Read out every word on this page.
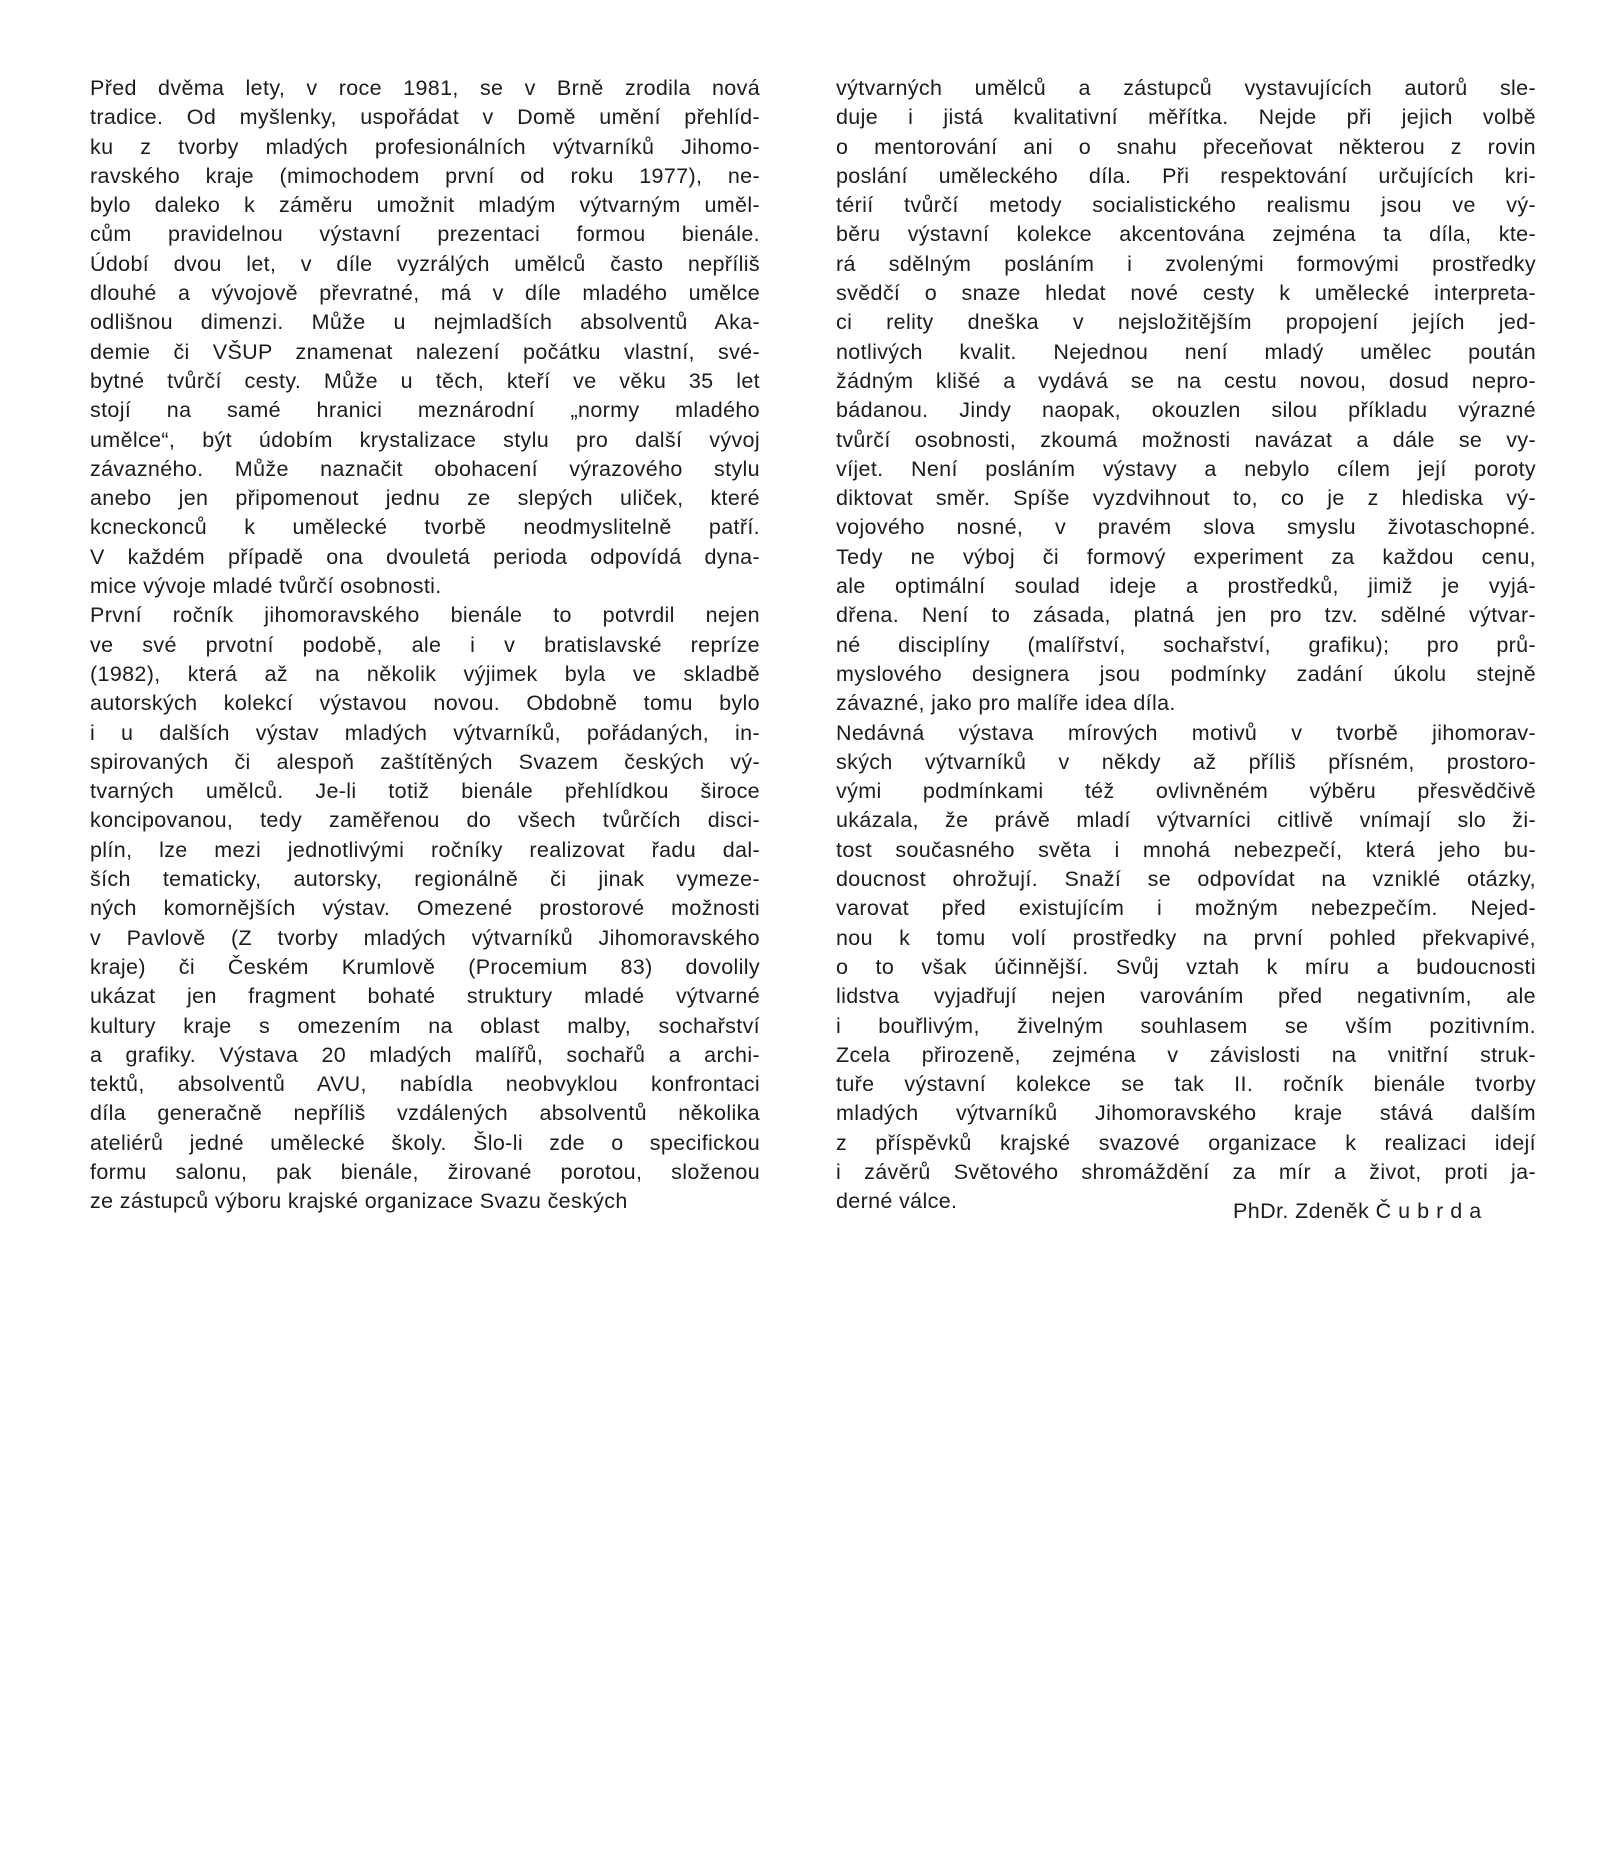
Před dvěma lety, v roce 1981, se v Brně zrodila nová
tradice. Od myšlenky, uspořádat v Domě umění přehlíd-
ku z tvorby mladých profesionálních výtvarníků Jihomo-
ravského kraje (mimochodem první od roku 1977), ne-
bylo daleko k záměru umožnit mladým výtvarným uměl-
cům pravidelnou výstavní prezentaci formou bienále.
Údobí dvou let, v díle vyzrálých umělců často nepříliš
dlouhé a vývojově převratné, má v díle mladého umělce
odlišnou dimenzi. Může u nejmladších absolventů Aka-
demie či VŠUP znamenat nalezení počátku vlastní, své-
bytné tvůrčí cesty. Může u těch, kteří ve věku 35 let
stojí na samé hranici meznárodní „normy mladého
umělce“, být údobím krystalizace stylu pro další vývoj
závazného. Může naznačit obohacení výrazového stylu
anebo jen připomenout jednu ze slepých uliček, které
kcneckonců k umělecké tvorbě neodmyslitelně patří.
V každém případě ona dvouletá perioda odpovídá dyna-
mice vývoje mladé tvůrčí osobnosti.
První ročník jihomoravského bienále to potvrdil nejen
ve své prvotní podobě, ale i v bratislavské repríze
(1982), která až na několik výjimek byla ve skladbě
autorských kolekcí výstavou novou. Obdobně tomu bylo
i u dalších výstav mladých výtvarníků, pořádaných, in-
spirovaných či alespoň zaštítěných Svazem českých vý-
tvarných umělců. Je-li totiž bienále přehlídkou široce
koncipovanou, tedy zaměřenou do všech tvůrčích disci-
plín, lze mezi jednotlivými ročníky realizovat řadu dal-
ších tematicky, autorsky, regionálně či jinak vymeze-
ných komornějších výstav. Omezené prostorové možnosti
v Pavlově (Z tvorby mladých výtvarníků Jihomoravského
kraje) či Českém Krumlově (Procemium 83) dovolily
ukázat jen fragment bohaté struktury mladé výtvarné
kultury kraje s omezením na oblast malby, sochařství
a grafiky. Výstava 20 mladých malířů, sochařů a archi-
tektů, absolventů AVU, nabídla neobvyklou konfrontaci
díla generačně nepříliš vzdálených absolventů několika
ateliérů jedné umělecké školy. Šlo-li zde o specifickou
formu salonu, pak bienále, žirované porotou, složenou
ze zástupců výboru krajské organizace Svazu českých
výtvarných umělců a zástupců vystavujících autorů sle-
duje i jistá kvalitativní měřítka. Nejde při jejich volbě
o mentorování ani o snahu přeceňovat některou z rovin
poslání uměleckého díla. Při respektování určujících kri-
térií tvůrčí metody socialistického realismu jsou ve vý-
běru výstavní kolekce akcentována zejména ta díla, kte-
rá sdělným posláním i zvolenými formovými prostředky
svědčí o snaze hledat nové cesty k umělecké interpreta-
ci relity dneška v nejsložitějším propojení jejích jed-
notlivých kvalit. Nejednou není mladý umělec poután
žádným klišé a vydává se na cestu novou, dosud nepro-
bádanou. Jindy naopak, okouzlen silou příkladu výrazné
tvůrčí osobnosti, zkoumá možnosti navázat a dále se vy-
víjet. Není posláním výstavy a nebylo cílem její poroty
diktovat směr. Spíše vyzdvihnout to, co je z hlediska vý-
vojového nosné, v pravém slova smyslu životaschopné.
Tedy ne výboj či formový experiment za každou cenu,
ale optimální soulad ideje a prostředků, jimiž je vyjá-
dřena. Není to zásada, platná jen pro tzv. sdělné výtvar-
né disciplíny (malířství, sochařství, grafiku); pro prů-
myslového designera jsou podmínky zadání úkolu stejně
závazné, jako pro malíře idea díla.
Nedávná výstava mírových motivů v tvorbě jihomorav-
ských výtvarníků v někdy až příliš přísném, prostoro-
vými podmínkami též ovlivněném výběru přesvědčivě
ukázala, že právě mladí výtvarníci citlivě vnímají slo ži-
tost současného světa i mnohá nebezpečí, která jeho bu-
doucnost ohrožují. Snaží se odpovídat na vzniklé otázky,
varovat před existujícím i možným nebezpečím. Nejed-
nou k tomu volí prostředky na první pohled překvapivé,
o to však účinnější. Svůj vztah k míru a budoucnosti
lidstva vyjadřují nejen varováním před negativním, ale
i bouřlivým, živelným souhlasem se vším pozitivním.
Zcela přirozeně, zejména v závislosti na vnitřní struk-
tuře výstavní kolekce se tak II. ročník bienále tvorby
mladých výtvarníků Jihomoravského kraje stává dalším
z příspěvků krajské svazové organizace k realizaci idejí
i závěrů Světového shromáždění za mír a život, proti ja-
derné válce.	PhDr. Zdeněk Čubrda
